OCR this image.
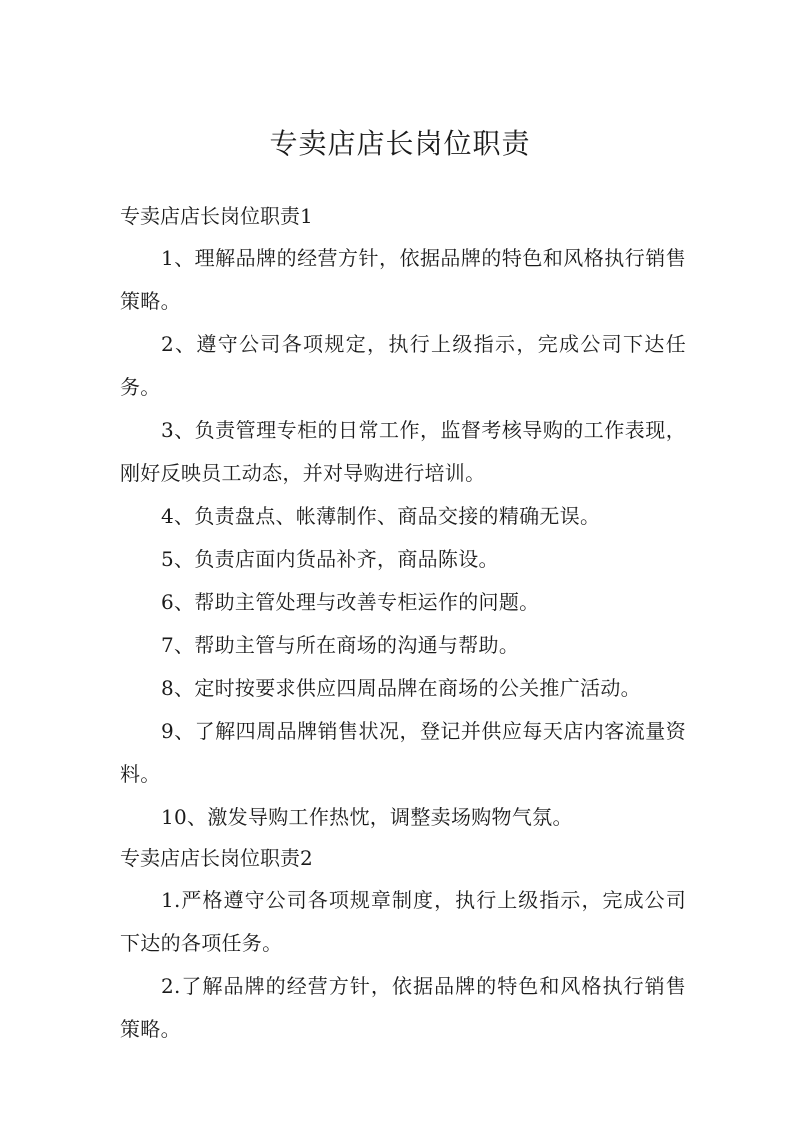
专卖店店长岗位职责

专卖店店长岗位职责1

1、理解品牌的经营方针，依据品牌的特色和风格执行销售策略。

2、遵守公司各项规定，执行上级指示，完成公司下达任务。

3、负责管理专柜的日常工作，监督考核导购的工作表现，刚好反映员工动态，并对导购进行培训。

4、负责盘点、帐薄制作、商品交接的精确无误。

5、负责店面内货品补齐，商品陈设。

6、帮助主管处理与改善专柜运作的问题。

7、帮助主管与所在商场的沟通与帮助。

8、定时按要求供应四周品牌在商场的公关推广活动。

9、了解四周品牌销售状况，登记并供应每天店内客流量资料。

10、激发导购工作热忱，调整卖场购物气氛。

专卖店店长岗位职责2

1.严格遵守公司各项规章制度，执行上级指示，完成公司下达的各项任务。

2.了解品牌的经营方针，依据品牌的特色和风格执行销售策略。
